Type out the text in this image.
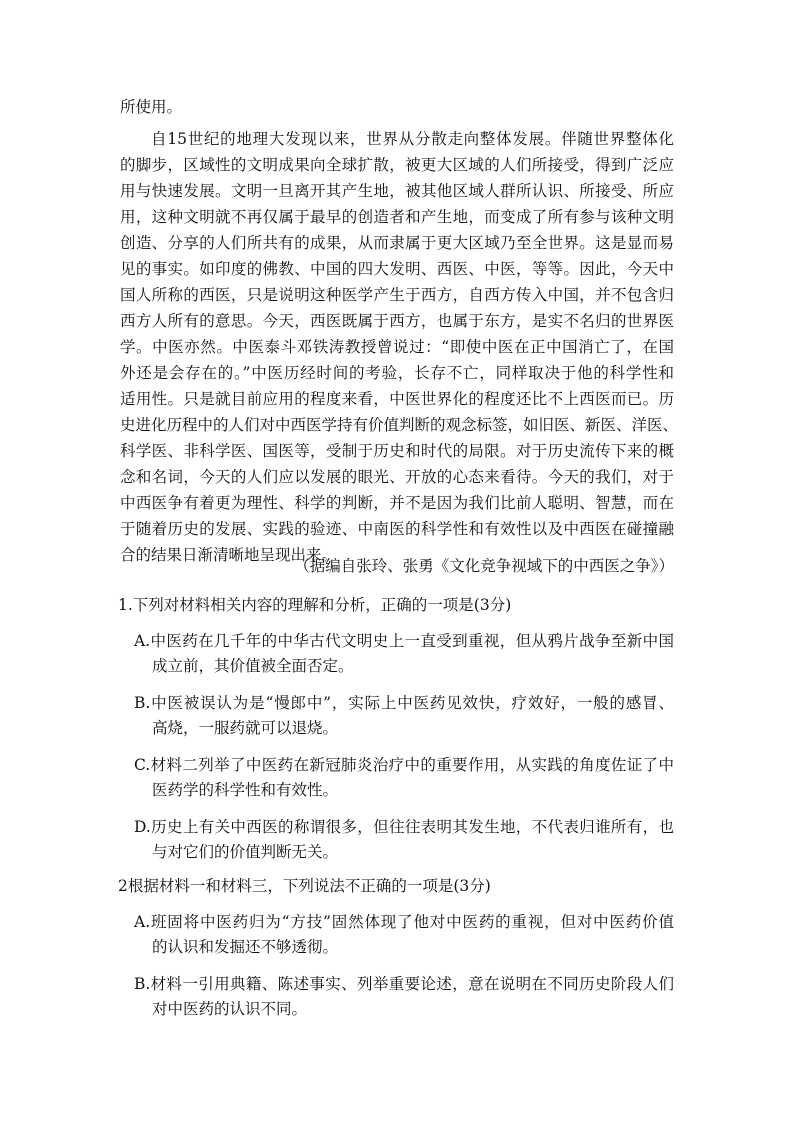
所使用。
自15世纪的地理大发现以来，世界从分散走向整体发展。伴随世界整体化
的脚步，区域性的文明成果向全球扩散，被更大区域的人们所接受，得到广泛应
用与快速发展。文明一旦离开其产生地，被其他区域人群所认识、所接受、所应
用，这种文明就不再仅属于最早的创造者和产生地，而变成了所有参与该种文明
创造、分享的人们所共有的成果，从而隶属于更大区域乃至全世界。这是显而易
见的事实。如印度的佛教、中国的四大发明、西医、中医，等等。因此，今天中
国人所称的西医，只是说明这种医学产生于西方，自西方传入中国，并不包含归
西方人所有的意思。今天，西医既属于西方，也属于东方，是实不名归的世界医
学。中医亦然。中医泰斗邓铁涛教授曾说过：“即使中医在正中国消亡了，在国
外还是会存在的。”中医历经时间的考验，长存不亡，同样取决于他的科学性和
适用性。只是就目前应用的程度来看，中医世界化的程度还比不上西医而已。历
史进化历程中的人们对中西医学持有价值判断的观念标签，如旧医、新医、洋医、
科学医、非科学医、国医等，受制于历史和时代的局限。对于历史流传下来的概
念和名词，今天的人们应以发展的眼光、开放的心态来看待。今天的我们，对于
中西医争有着更为理性、科学的判断，并不是因为我们比前人聪明、智慧，而在
于随着历史的发展、实践的验迹、中南医的科学性和有效性以及中西医在碰撞融
合的结果日渐清晰地呈现出来。
（据编自张玲、张勇《文化竞争视域下的中西医之争》）
1.下列对材料相关内容的理解和分析，正确的一项是(3分)
A.中医药在几千年的中华古代文明史上一直受到重视，但从鸦片战争至新中国
成立前，其价值被全面否定。
B.中医被误认为是“慢郎中”，实际上中医药见效快，疗效好，一般的感冒、
高烧，一服药就可以退烧。
C.材料二列举了中医药在新冠肺炎治疗中的重要作用，从实践的角度佐证了中
医药学的科学性和有效性。
D.历史上有关中西医的称谓很多，但往往表明其发生地，不代表归谁所有，也
与对它们的价值判断无关。
2根据材料一和材料三，下列说法不正确的一项是(3分)
A.班固将中医药归为“方技”固然体现了他对中医药的重视，但对中医药价值
的认识和发掘还不够透彻。
B.材料一引用典籍、陈述事实、列举重要论述，意在说明在不同历史阶段人们
对中医药的认识不同。
